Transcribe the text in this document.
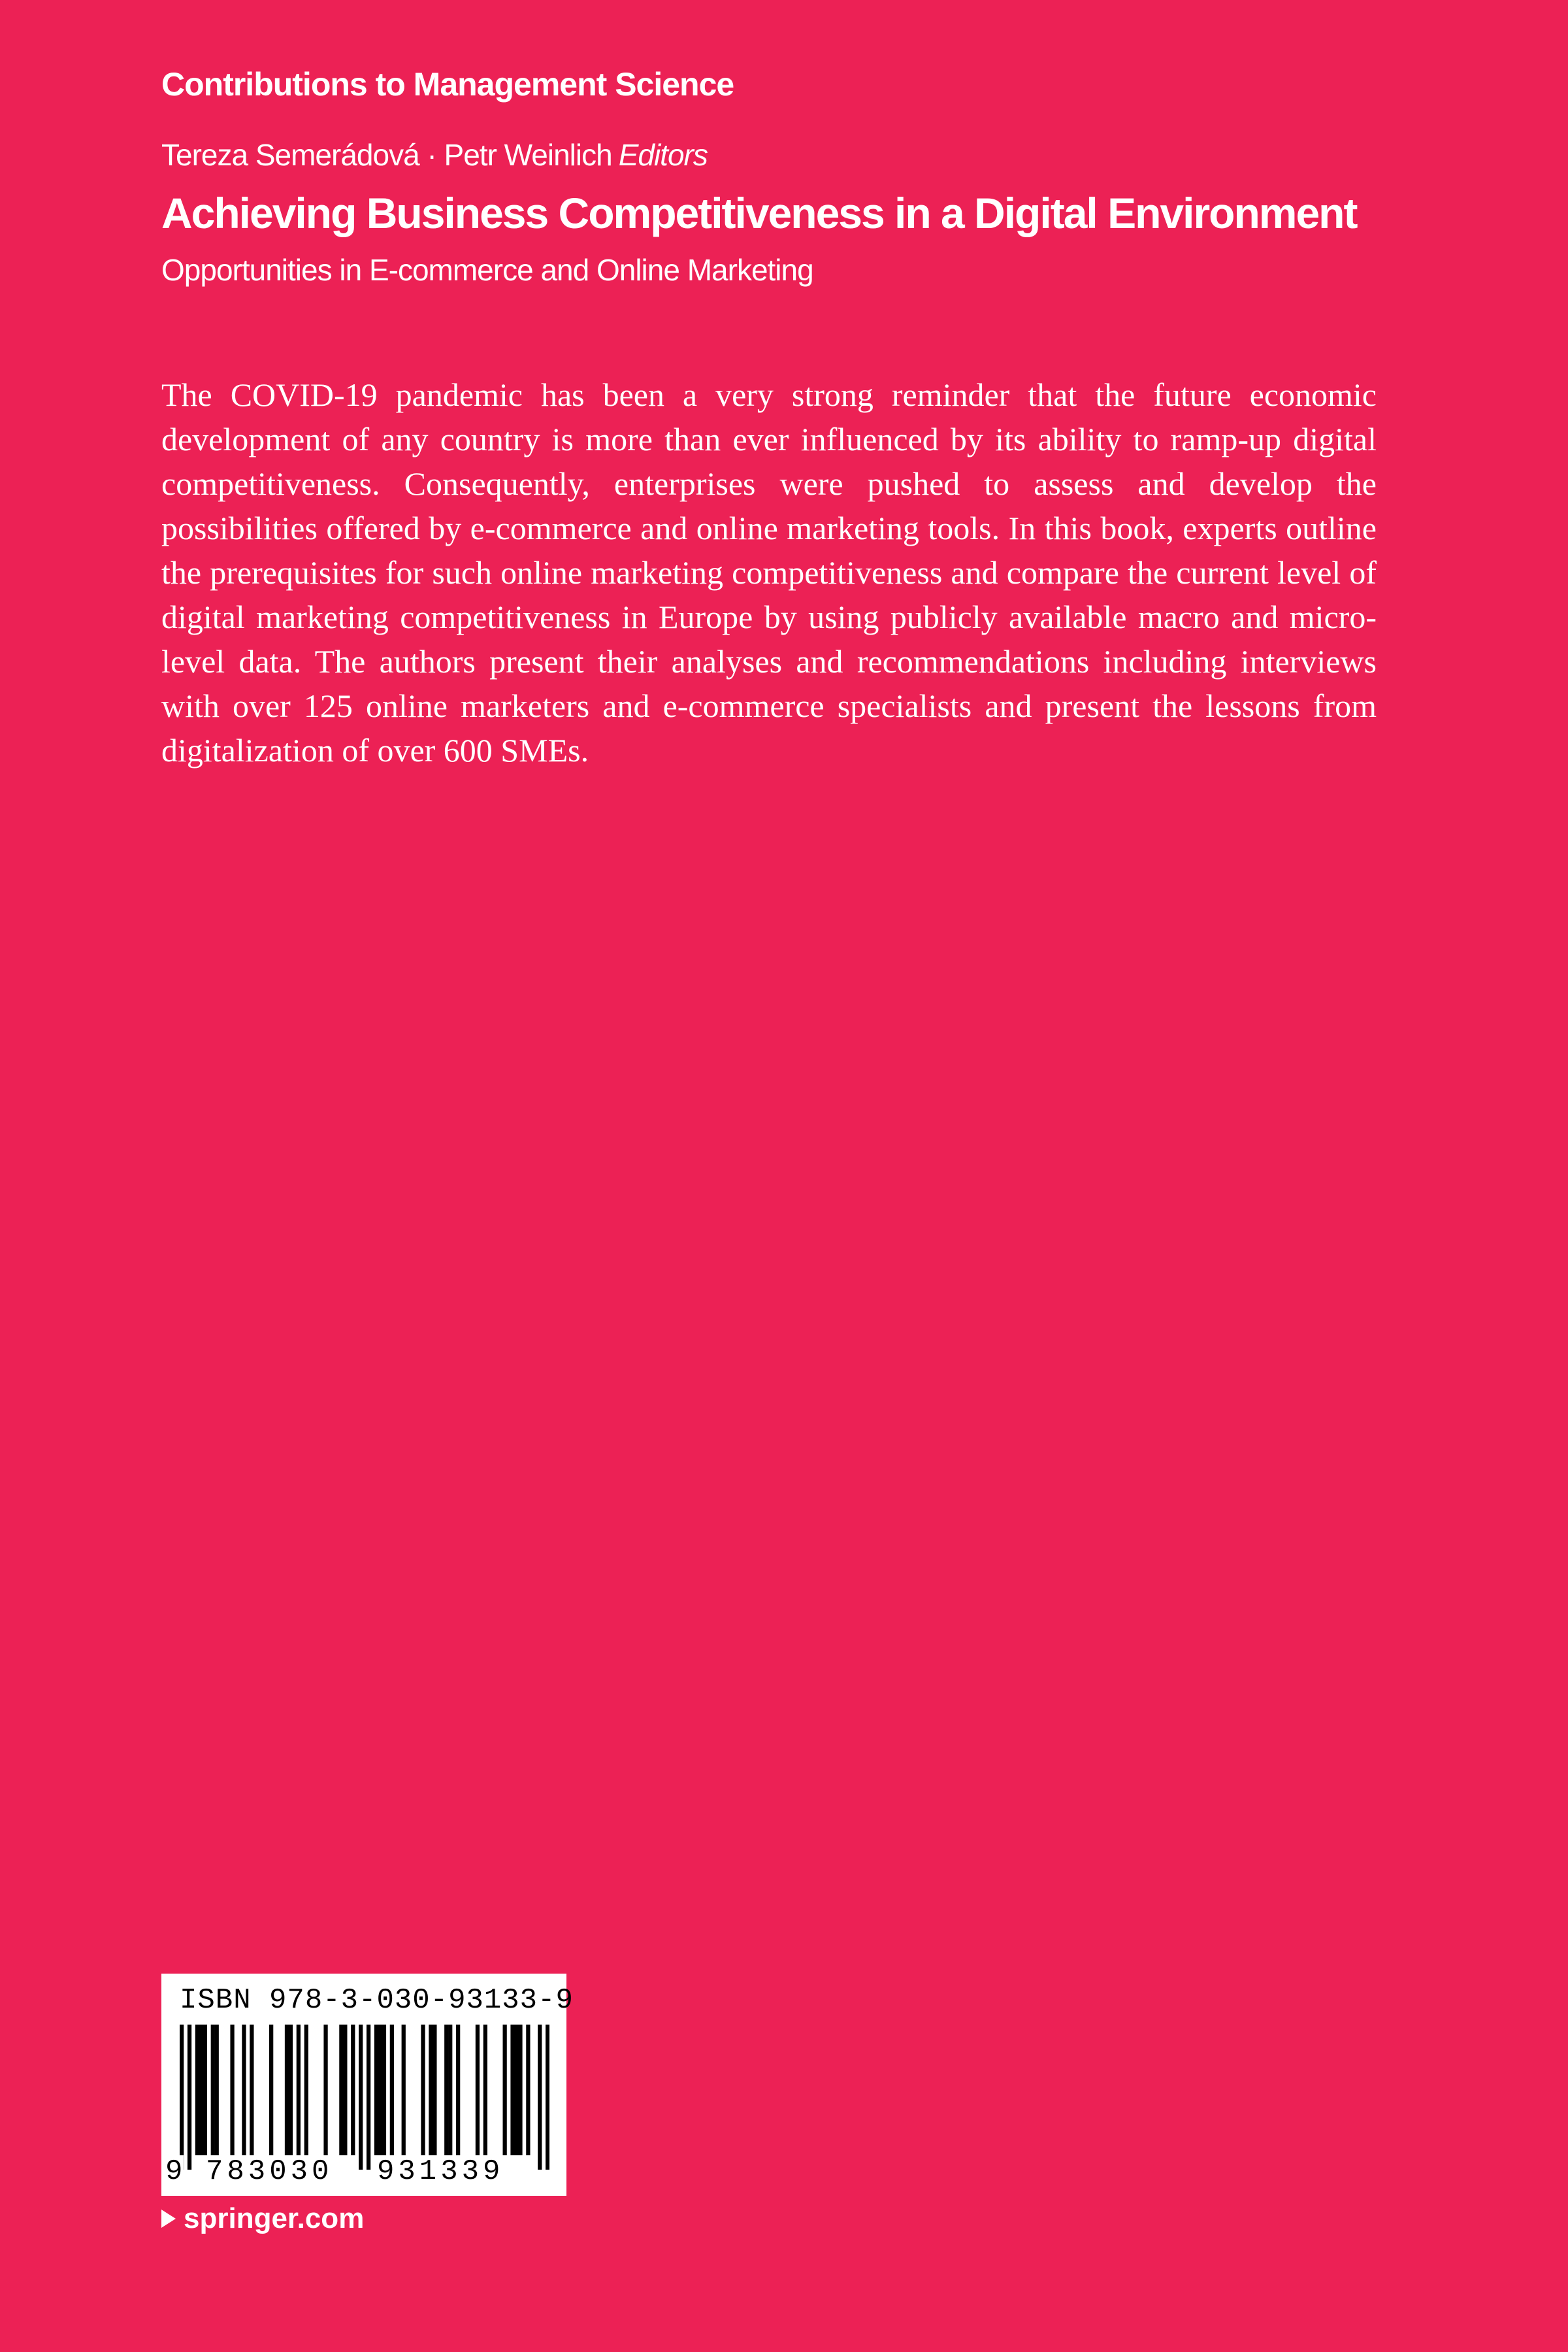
Contributions to Management Science
Tereza Semerádová · Petr Weinlich Editors
Achieving Business Competitiveness in a Digital Environment
Opportunities in E-commerce and Online Marketing

The COVID-19 pandemic has been a very strong reminder that the future economic development of any country is more than ever influenced by its ability to ramp-up digital competitiveness. Consequently, enterprises were pushed to assess and develop the possibilities offered by e-commerce and online marketing tools. In this book, experts outline the prerequisites for such online marketing competitiveness and compare the current level of digital marketing competitiveness in Europe by using publicly available macro and micro-level data. The authors present their analyses and recommendations including interviews with over 125 online marketers and e-commerce specialists and present the lessons from digitalization of over 600 SMEs.

ISBN 978-3-030-93133-9
9 783030 931339
springer.com
